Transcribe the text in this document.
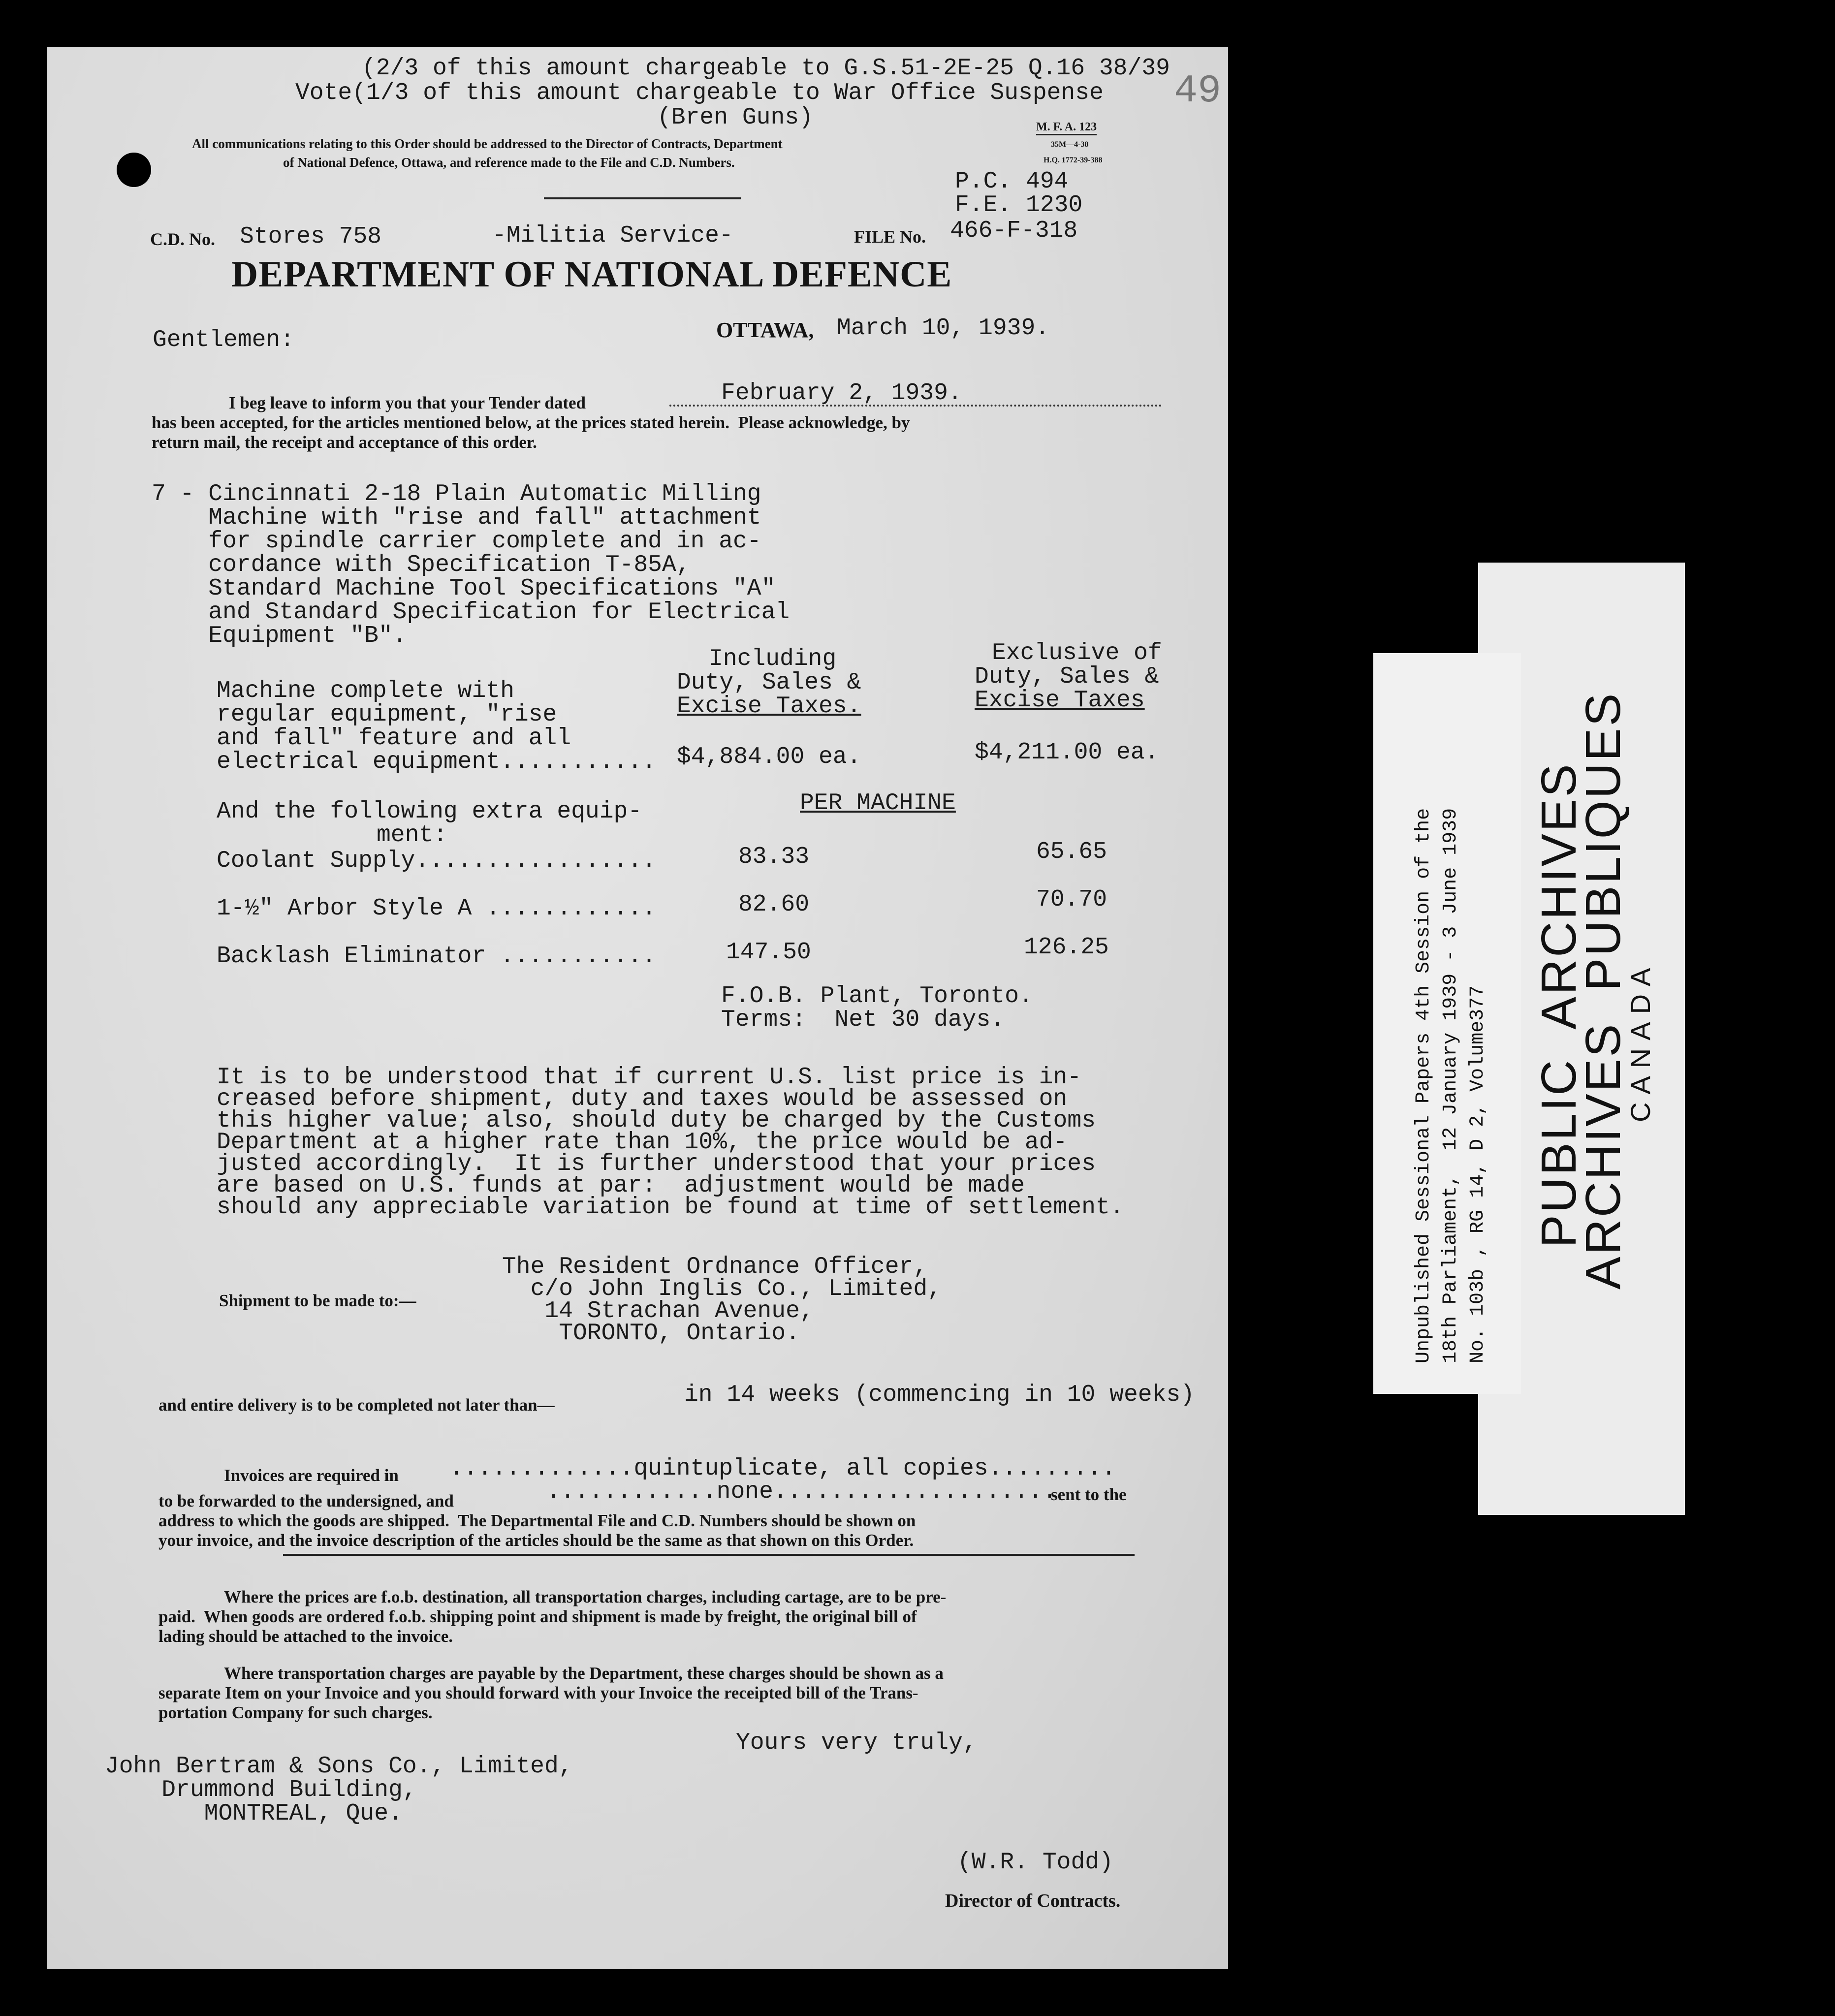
(2/3 of this amount chargeable to G.S.51-2E-25 Q.16 38/39
Vote(1/3 of this amount chargeable to War Office Suspense
(Bren Guns)
49
M. F. A. 123
35M—4-38
H.Q. 1772-39-388
All communications relating to this Order should be addressed to the Director of Contracts, Department
of National Defence, Ottawa, and reference made to the File and C.D. Numbers.
P.C. 494
F.E. 1230
C.D. No. Stores 758	-Militia Service-	FILE No. 466-F-318
DEPARTMENT OF NATIONAL DEFENCE
Gentlemen:	OTTAWA, March 10, 1939.
I beg leave to inform you that your Tender dated	February 2, 1939.
has been accepted, for the articles mentioned below, at the prices stated herein.  Please acknowledge, by
return mail, the receipt and acceptance of this order.
7 - Cincinnati 2-18 Plain Automatic Milling
Machine with "rise and fall" attachment
for spindle carrier complete and in ac-
cordance with Specification T-85A,
Standard Machine Tool Specifications "A"
and Standard Specification for Electrical
Equipment "B".
Including
Duty, Sales &
Excise Taxes.
Exclusive of
Duty, Sales &
Excise Taxes
Machine complete with
regular equipment, "rise
and fall" feature and all
electrical equipment........... $4,884.00 ea.	$4,211.00 ea.
And the following extra equip-
ment:
PER MACHINE
Coolant Supply.................	83.33	65.65
1-½" Arbor Style A ............	82.60	70.70
Backlash Eliminator ...........	147.50	126.25
F.O.B. Plant, Toronto.
Terms:  Net 30 days.
It is to be understood that if current U.S. list price is in-
creased before shipment, duty and taxes would be assessed on
this higher value; also, should duty be charged by the Customs
Department at a higher rate than 10%, the price would be ad-
justed accordingly.  It is further understood that your prices
are based on U.S. funds at par:  adjustment would be made
should any appreciable variation be found at time of settlement.
Shipment to be made to:—
The Resident Ordnance Officer,
c/o John Inglis Co., Limited,
14 Strachan Avenue,
TORONTO, Ontario.
and entire delivery is to be completed not later than—	in 14 weeks (commencing in 10 weeks)
Invoices are required in .............quintuplicate, all copies.........
to be forwarded to the undersigned, and	............none....................
sent to the
address to which the goods are shipped.  The Departmental File and C.D. Numbers should be shown on
your invoice, and the invoice description of the articles should be the same as that shown on this Order.
Where the prices are f.o.b. destination, all transportation charges, including cartage, are to be pre-
paid.  When goods are ordered f.o.b. shipping point and shipment is made by freight, the original bill of
lading should be attached to the invoice.
Where transportation charges are payable by the Department, these charges should be shown as a
separate Item on your Invoice and you should forward with your Invoice the receipted bill of the Trans-
portation Company for such charges.
Yours very truly,
John Bertram & Sons Co., Limited,
Drummond Building,
MONTREAL, Que.
(W.R. Todd)
Director of Contracts.
Unpublished Sessional Papers 4th Session of the 18th Parliament,  12 January 1939 - 3 June 1939 No. 103b , RG 14, D 2, Volume377 PUBLIC  ARCHIVES
ARCHIVES  PUBLIQUES
CANADA
